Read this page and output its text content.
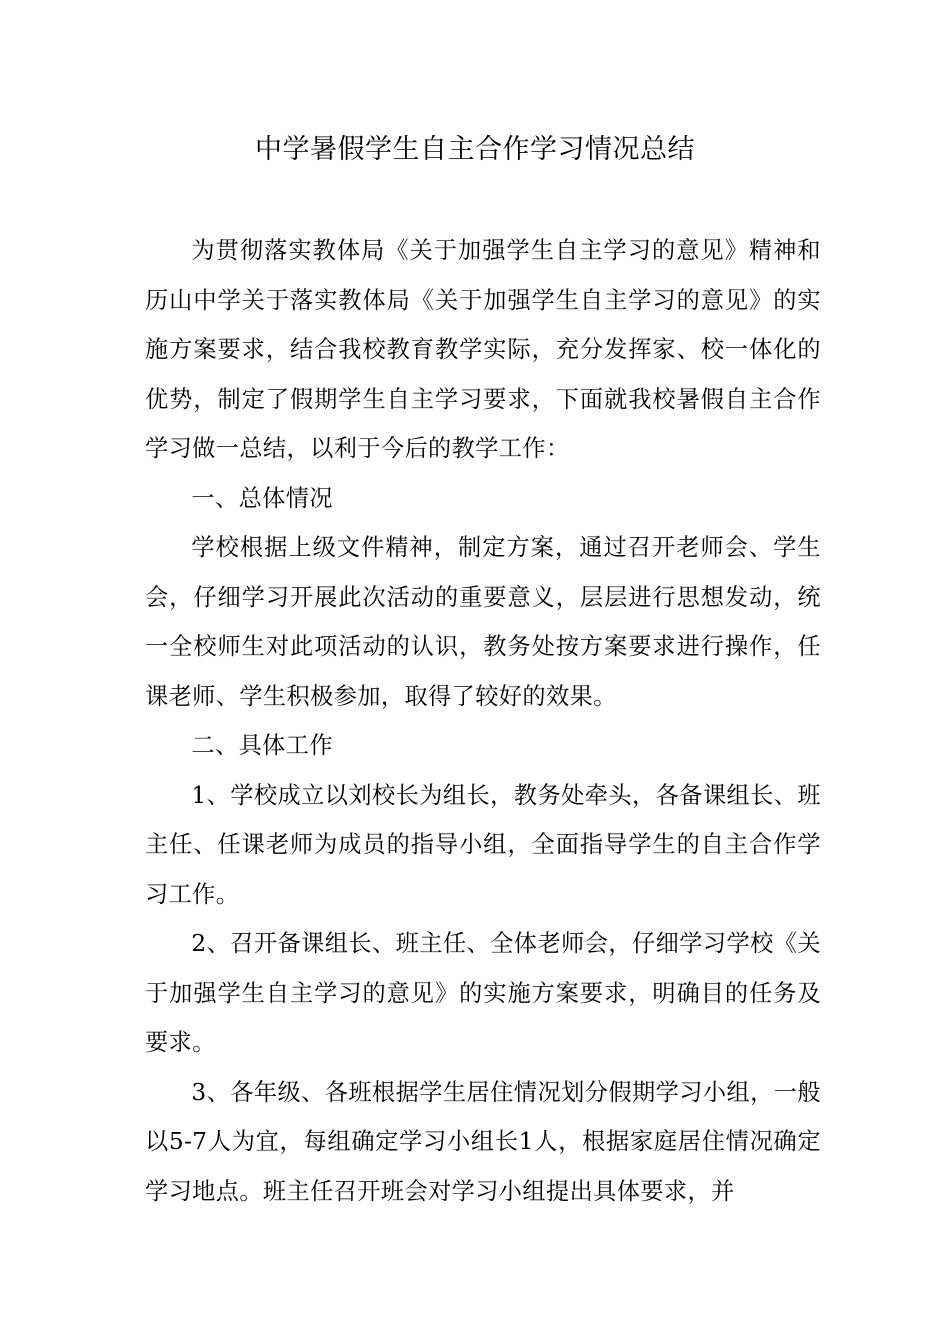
中学暑假学生自主合作学习情况总结

为贯彻落实教体局《关于加强学生自主学习的意见》精神和历山中学关于落实教体局《关于加强学生自主学习的意见》的实施方案要求，结合我校教育教学实际，充分发挥家、校一体化的优势，制定了假期学生自主学习要求，下面就我校暑假自主合作学习做一总结，以利于今后的教学工作：

一、总体情况

学校根据上级文件精神，制定方案，通过召开老师会、学生会，仔细学习开展此次活动的重要意义，层层进行思想发动，统一全校师生对此项活动的认识，教务处按方案要求进行操作，任课老师、学生积极参加，取得了较好的效果。

二、具体工作

1、学校成立以刘校长为组长，教务处牵头，各备课组长、班主任、任课老师为成员的指导小组，全面指导学生的自主合作学习工作。

2、召开备课组长、班主任、全体老师会，仔细学习学校《关于加强学生自主学习的意见》的实施方案要求，明确目的任务及要求。

3、各年级、各班根据学生居住情况划分假期学习小组，一般以5-7人为宜，每组确定学习小组长1人，根据家庭居住情况确定学习地点。班主任召开班会对学习小组提出具体要求，并
